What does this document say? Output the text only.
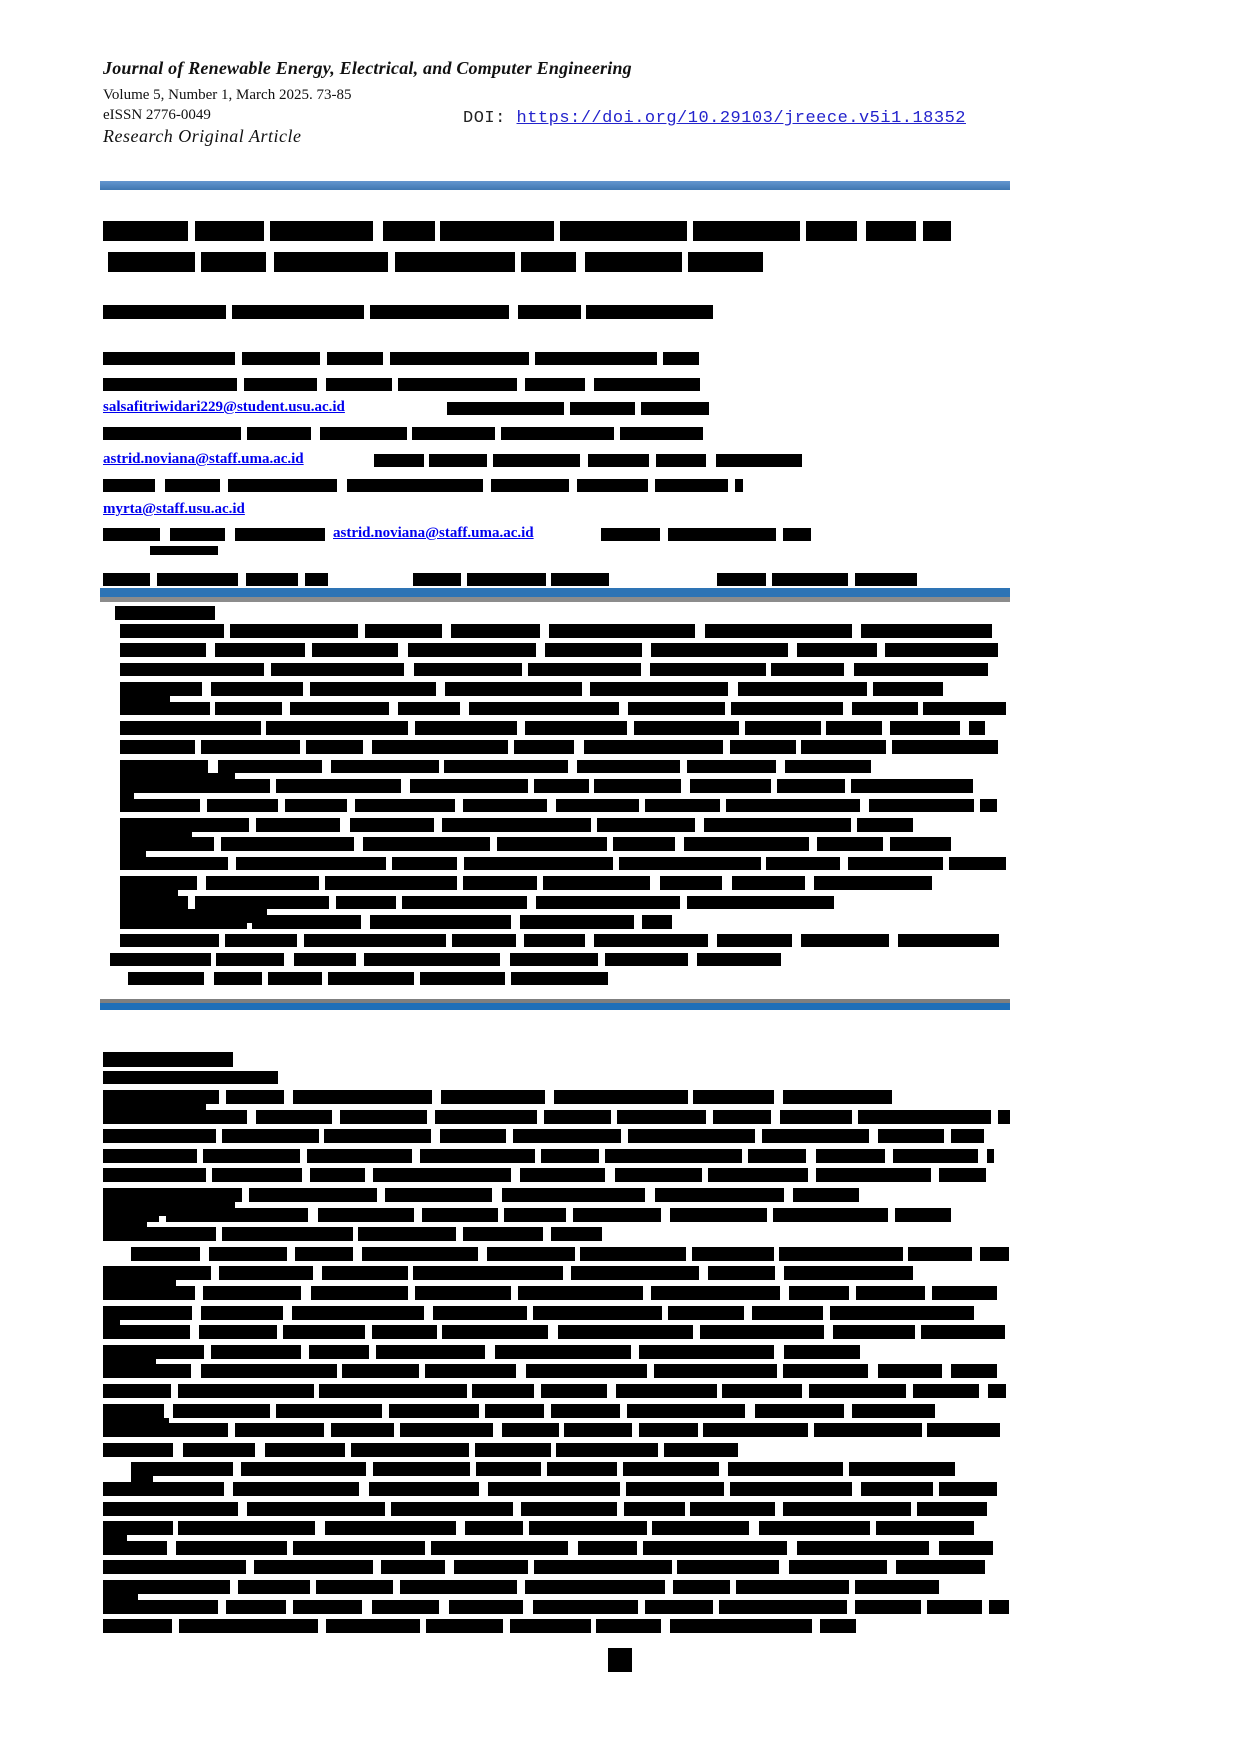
Journal of Renewable Energy, Electrical, and Computer Engineering
Volume 5, Number 1, March 2025. 73-85
eISSN 2776-0049	DOI: https://doi.org/10.29103/jreece.v5i1.18352
Research Original Article
salsafitriwidari229@student.usu.ac.id
astrid.noviana@staff.uma.ac.id
myrta@staff.usu.ac.id
astrid.noviana@staff.uma.ac.id
